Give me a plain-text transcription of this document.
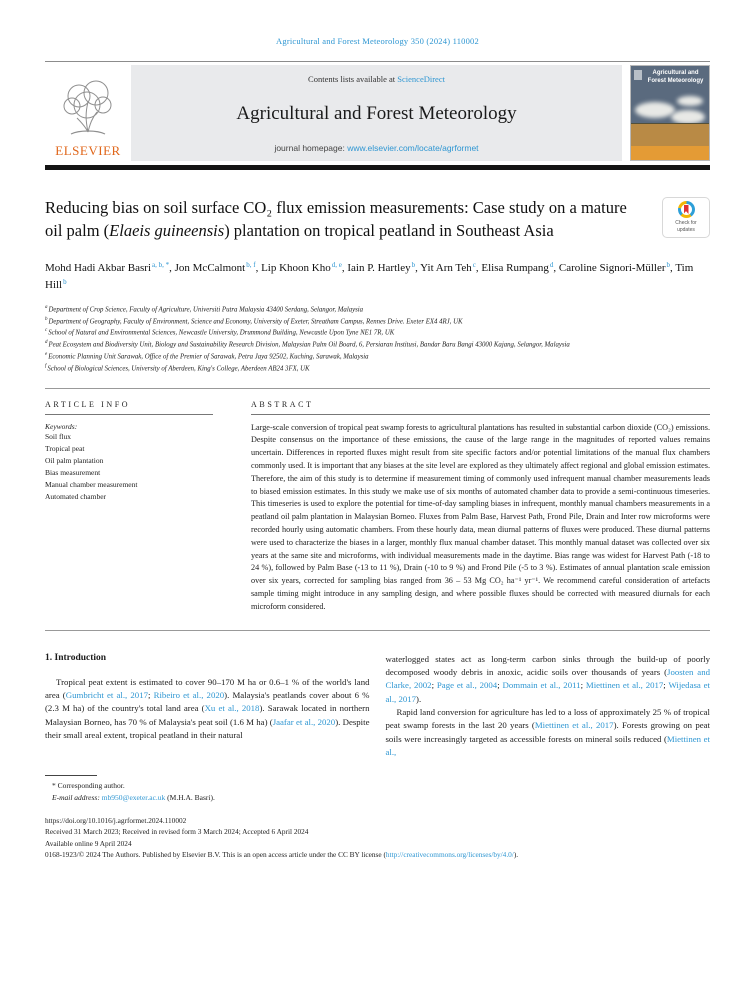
Agricultural and Forest Meteorology 350 (2024) 110002
ELSEVIER
Contents lists available at ScienceDirect
Agricultural and Forest Meteorology
journal homepage: www.elsevier.com/locate/agrformet
Agricultural and Forest Meteorology
Reducing bias on soil surface CO₂ flux emission measurements: Case study on a mature oil palm (Elaeis guineensis) plantation on tropical peatland in Southeast Asia	Check for
updates
Mohd Hadi Akbar Basri$^{a, b, *}$, Jon McCalmont$^{b, f}$, Lip Khoon Kho$^{d, e}$, Iain P. Hartley$^b$, Yit Arn Teh$^c$, Elisa Rumpang$^d$, Caroline Signori-Müller$^b$, Tim Hill$^b$
$^a$Department of Crop Science, Faculty of Agriculture, Universiti Putra Malaysia 43400 Serdang, Selangor, Malaysia
$^b$Department of Geography, Faculty of Environment, Science and Economy, University of Exeter, Streatham Campus, Rennes Drive. Exeter EX4 4RJ, UK
$^c$School of Natural and Environmental Sciences, Newcastle University, Drummond Building, Newcastle Upon Tyne NE1 7R, UK
$^d$Peat Ecosystem and Biodiversity Unit, Biology and Sustainability Research Division, Malaysian Palm Oil Board, 6, Persiaran Institusi, Bandar Baru Bangi 43000 Kajang, Selangor, Malaysia
$^e$Economic Planning Unit Sarawak, Office of the Premier of Sarawak, Petra Jaya 92502, Kuching, Sarawak, Malaysia
$^f$School of Biological Sciences, University of Aberdeen, King's College, Aberdeen AB24 3FX, UK
ARTICLE INFO
Keywords:
Soil flux
Tropical peat
Oil palm plantation
Bias measurement
Manual chamber measurement
Automated chamber
ABSTRACT

Large-scale conversion of tropical peat swamp forests to agricultural plantations has resulted in substantial carbon dioxide (CO₂) emissions. Despite consensus on the importance of these emissions, the cause of the large range in the magnitudes of reported values remains uncertain. Differences in reported fluxes might result from site specific factors and/or potential limitations of the manual flux chambers commonly used. It is important that any biases at the site level are explored as they ultimately affect regional and global emission estimates. Therefore, the aim of this study is to determine if measurement timing of commonly used infrequent manual chamber measurements leads to biased emission estimates. In this study we make use of six months of automated chamber data to provide a semi-continuous timeseries. This timeseries is used to explore the potential for time-of-day sampling biases in infrequent, monthly manual chambers measurements in a peatland oil palm plantation in Malaysian Borneo. Fluxes from Palm Base, Harvest Path, Frond Pile, Drain and Inter row microforms were recorded hourly using automatic chambers. From these hourly data, mean diurnal patterns of fluxes were produced. These diurnal patterns were used to characterize the biases in a larger, monthly flux manual chamber dataset. This monthly manual dataset was collected over six years at the same site and microforms, with individual measurements made in the daytime. Bias range was widest for Harvest Path (-18 to 24 %), followed by Palm Base (-13 to 11 %), Drain (-10 to 9 %) and Frond Pile (-5 to 3 %). Estimates of annual plantation scale emission over six years, corrected for sampling bias ranged from 36 – 53 Mg CO₂ ha⁻¹ yr⁻¹. We recommend careful consideration of artefacts sample timing might introduce in any sampling design, and where possible fluxes should be corrected with measured diurnals for each microform considered.

1. Introduction

Tropical peat extent is estimated to cover 90–170 M ha or 0.6–1 % of the world's land area (Gumbricht et al., 2017; Ribeiro et al., 2020). Malaysia's peatlands cover about 6 % (2.3 M ha) of the country's total land area (Xu et al., 2018). Sarawak located in northern Malaysian Borneo, has 70 % of Malaysia's peat soil (1.6 M ha) (Jaafar et al., 2020). Despite their small areal extent, tropical peatland in their natural

waterlogged states act as long-term carbon sinks through the build-up of poorly decomposed woody debris in anoxic, acidic soils over thousands of years (Joosten and Clarke, 2002; Page et al., 2004; Dommain et al., 2011; Miettinen et al., 2017; Wijedasa et al., 2017).

Rapid land conversion for agriculture has led to a loss of approximately 25 % of tropical peat swamp forests in the last 20 years (Miettinen et al., 2017). Forests growing on peat soils were increasingly targeted as accessible forests on mineral soils reduced (Miettinen et al.,

* Corresponding author.
E-mail address: mb950@exeter.ac.uk (M.H.A. Basri).
https://doi.org/10.1016/j.agrformet.2024.110002
Received 31 March 2023; Received in revised form 3 March 2024; Accepted 6 April 2024
Available online 9 April 2024
0168-1923/© 2024 The Authors. Published by Elsevier B.V. This is an open access article under the CC BY license (http://creativecommons.org/licenses/by/4.0/).
